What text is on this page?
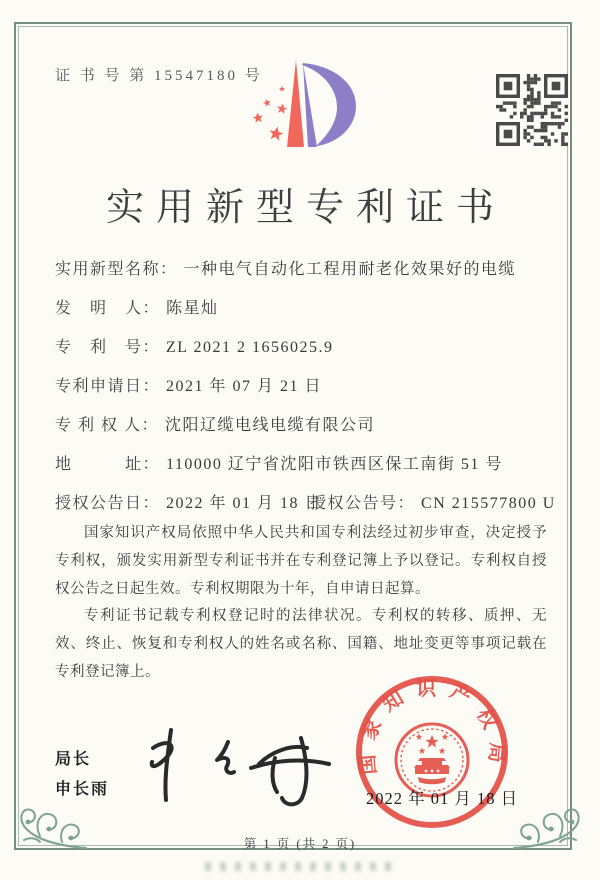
证 书 号 第 15547180 号
实用新型专利证书
实用新型名称： 一种电气自动化工程用耐老化效果好的电缆
发　明　人： 陈星灿
专　利　号： ZL 2021 2 1656025.9
专利申请日： 2021 年 07 月 21 日
专 利 权 人： 沈阳辽缆电线电缆有限公司
地　　　址： 110000 辽宁省沈阳市铁西区保工南街 51 号
授权公告日： 2022 年 01 月 18 日
授权公告号： CN 215577800 U

国家知识产权局依照中华人民共和国专利法经过初步审查，决定授予专利权，颁发实用新型专利证书并在专利登记簿上予以登记。专利权自授权公告之日起生效。专利权期限为十年，自申请日起算。

专利证书记载专利权登记时的法律状况。专利权的转移、质押、无效、终止、恢复和专利权人的姓名或名称、国籍、地址变更等事项记载在专利登记簿上。

局长
申长雨
国家知识产权局
2022 年 01 月 18 日
第 1 页 (共 2 页)
